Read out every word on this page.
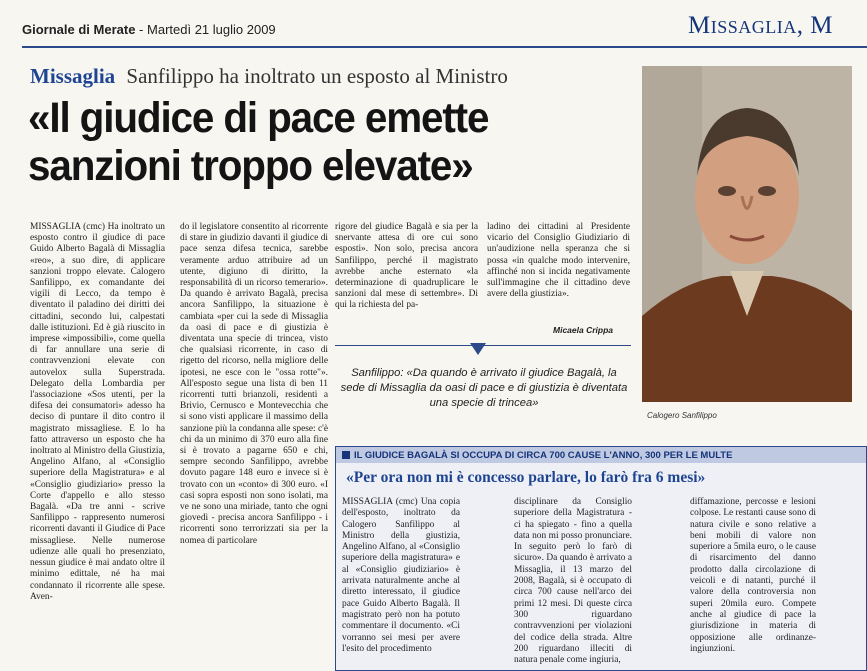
Giornale di Merate - Martedì 21 luglio 2009	Missaglia, M
Missaglia Sanfilippo ha inoltrato un esposto al Ministro
«Il giudice di pace emette sanzioni troppo elevate»
Calogero Sanfilippo
MISSAGLIA (cmc) Ha inoltrato un esposto contro il giudice di pace Guido Alberto Bagalà di Missaglia «reo», a suo dire, di applicare sanzioni troppo elevate. Calogero Sanfilippo, ex comandante dei vigili di Lecco, da tempo è diventato il paladino dei diritti dei cittadini, secondo lui, calpestati dalle istituzioni. Ed è già riuscito in imprese «impossibili», come quella di far annullare una serie di contravvenzioni elevate con autovelox sulla Superstrada. Delegato della Lombardia per l'associazione «Sos utenti, per la difesa dei consumatori» adesso ha deciso di puntare il dito contro il magistrato missagliese. E lo ha fatto attraverso un esposto che ha inoltrato al Ministro della Giustizia, Angelino Alfano, al «Consiglio superiore della Magistratura» e al «Consiglio giudiziario» presso la Corte d'appello e allo stesso Bagalà. «Da tre anni - scrive Sanfilippo - rappresento numerosi ricorrenti davanti il Giudice di Pace missagliese. Nelle numerose udienze alle quali ho presenziato, nessun giudice è mai andato oltre il minimo edittale, né ha mai condannato il ricorrente alle spese. Aven-
do il legislatore consentito al ricorrente di stare in giudizio davanti il giudice di pace senza difesa tecnica, sarebbe veramente arduo attribuire ad un utente, digiuno di diritto, la responsabilità di un ricorso temerario». Da quando è arrivato Bagalà, precisa ancora Sanfilippo, la situazione è cambiata «per cui la sede di Missaglia da oasi di pace e di giustizia è diventata una specie di trincea, visto che qualsiasi ricorrente, in caso di rigetto del ricorso, nella migliore delle ipotesi, ne esce con le "ossa rotte"». All'esposto segue una lista di ben 11 ricorrenti tutti brianzoli, residenti a Brivio, Cernusco e Montevecchia che si sono visti applicare il massimo della sanzione più la condanna alle spese: c'è chi da un minimo di 370 euro alla fine si è trovato a pagarne 650 e chi, sempre secondo Sanfilippo, avrebbe dovuto pagare 148 euro e invece si è trovato con un «conto» di 300 euro. «I casi sopra esposti non sono isolati, ma ve ne sono una miriade, tanto che ogni giovedì - precisa ancora Sanfilippo - i ricorrenti sono terrorizzati sia per la nomea di particolare
rigore del giudice Bagalà e sia per la snervante attesa di ore cui sono esposti». Non solo, precisa ancora Sanfilippo, perché il magistrato avrebbe anche esternato «la determinazione di quadruplicare le sanzioni dal mese di settembre». Di qui la richiesta del pa-
ladino dei cittadini al Presidente vicario del Consiglio Giudiziario di un'audizione nella speranza che si possa «in qualche modo intervenire, affinché non si incida negativamente sull'immagine che il cittadino deve avere della giustizia».
Micaela Crippa
Sanfilippo: «Da quando è arrivato il giudice Bagalà, la sede di Missaglia da oasi di pace e di giustizia è diventata una specie di trincea»
IL GIUDICE BAGALÀ SI OCCUPA DI CIRCA 700 CAUSE L'ANNO, 300 PER LE MULTE
«Per ora non mi è concesso parlare, lo farò fra 6 mesi»
MISSAGLIA (cmc) Una copia dell'esposto, inoltrato da Calogero Sanfilippo al Ministro della giustizia, Angelino Alfano, al «Consiglio superiore della magistratura» e al «Consiglio giudiziario» è arrivata naturalmente anche al diretto interessato, il giudice pace Guido Alberto Bagalà. Il magistrato però non ha potuto commentare il documento. «Ci vorranno sei mesi per avere l'esito del procedimento
disciplinare da Consiglio superiore della Magistratura - ci ha spiegato - fino a quella data non mi posso pronunciare. In seguito però lo farò di sicuro». Da quando è arrivato a Missaglia, il 13 marzo del 2008, Bagalà, si è occupato di circa 700 cause nell'arco dei primi 12 mesi. Di queste circa 300 riguardano contravvenzioni per violazioni del codice della strada. Altre 200 riguardano illeciti di natura penale come ingiuria,
diffamazione, percosse e lesioni colpose. Le restanti cause sono di natura civile e sono relative a beni mobili di valore non superiore a 5mila euro, o le cause di risarcimento del danno prodotto dalla circolazione di veicoli e di natanti, purché il valore della controversia non superi 20mila euro. Compete anche al giudice di pace la giurisdizione in materia di opposizione alle ordinanze-ingiunzioni.
